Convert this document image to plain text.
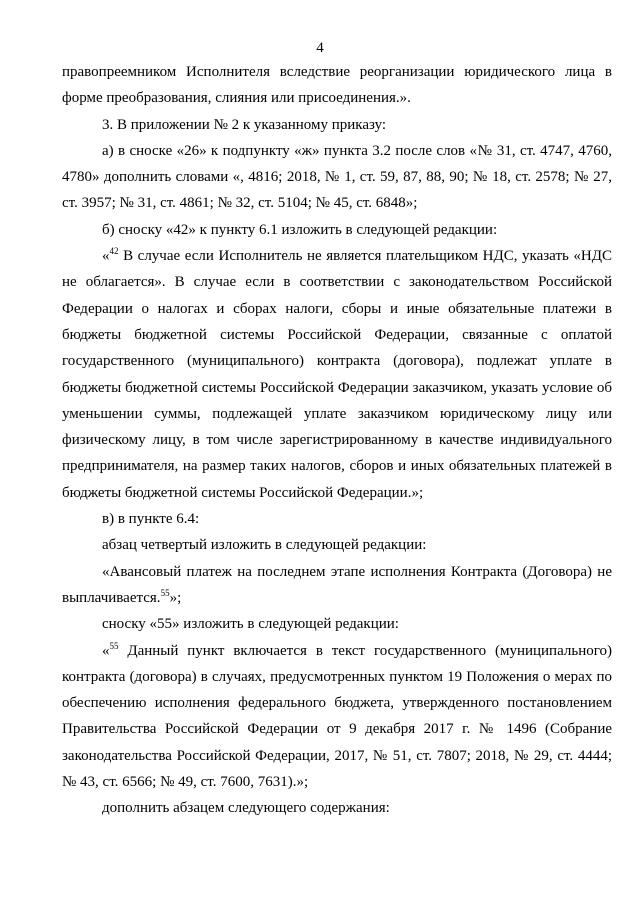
4

правопреемником Исполнителя вследствие реорганизации юридического лица в форме преобразования, слияния или присоединения.».

3. В приложении № 2 к указанному приказу:

а) в сноске «26» к подпункту «ж» пункта 3.2 после слов «№ 31, ст. 4747, 4760, 4780» дополнить словами «, 4816; 2018, № 1, ст. 59, 87, 88, 90; № 18, ст. 2578; № 27, ст. 3957; № 31, ст. 4861; № 32, ст. 5104; № 45, ст. 6848»;

б) сноску «42» к пункту 6.1 изложить в следующей редакции:

«$^{42}$ В случае если Исполнитель не является плательщиком НДС, указать «НДС не облагается». В случае если в соответствии с законодательством Российской Федерации о налогах и сборах налоги, сборы и иные обязательные платежи в бюджеты бюджетной системы Российской Федерации, связанные с оплатой государственного (муниципального) контракта (договора), подлежат уплате в бюджеты бюджетной системы Российской Федерации заказчиком, указать условие об уменьшении суммы, подлежащей уплате заказчиком юридическому лицу или физическому лицу, в том числе зарегистрированному в качестве индивидуального предпринимателя, на размер таких налогов, сборов и иных обязательных платежей в бюджеты бюджетной системы Российской Федерации.»;

в) в пункте 6.4:

абзац четвертый изложить в следующей редакции:

«Авансовый платеж на последнем этапе исполнения Контракта (Договора) не выплачивается.$^{55}$»;

сноску «55» изложить в следующей редакции:

«$^{55}$ Данный пункт включается в текст государственного (муниципального) контракта (договора) в случаях, предусмотренных пунктом 19 Положения о мерах по обеспечению исполнения федерального бюджета, утвержденного постановлением Правительства Российской Федерации от 9 декабря 2017 г. № 1496 (Собрание законодательства Российской Федерации, 2017, № 51, ст. 7807; 2018, № 29, ст. 4444; № 43, ст. 6566; № 49, ст. 7600, 7631).»;

дополнить абзацем следующего содержания:
